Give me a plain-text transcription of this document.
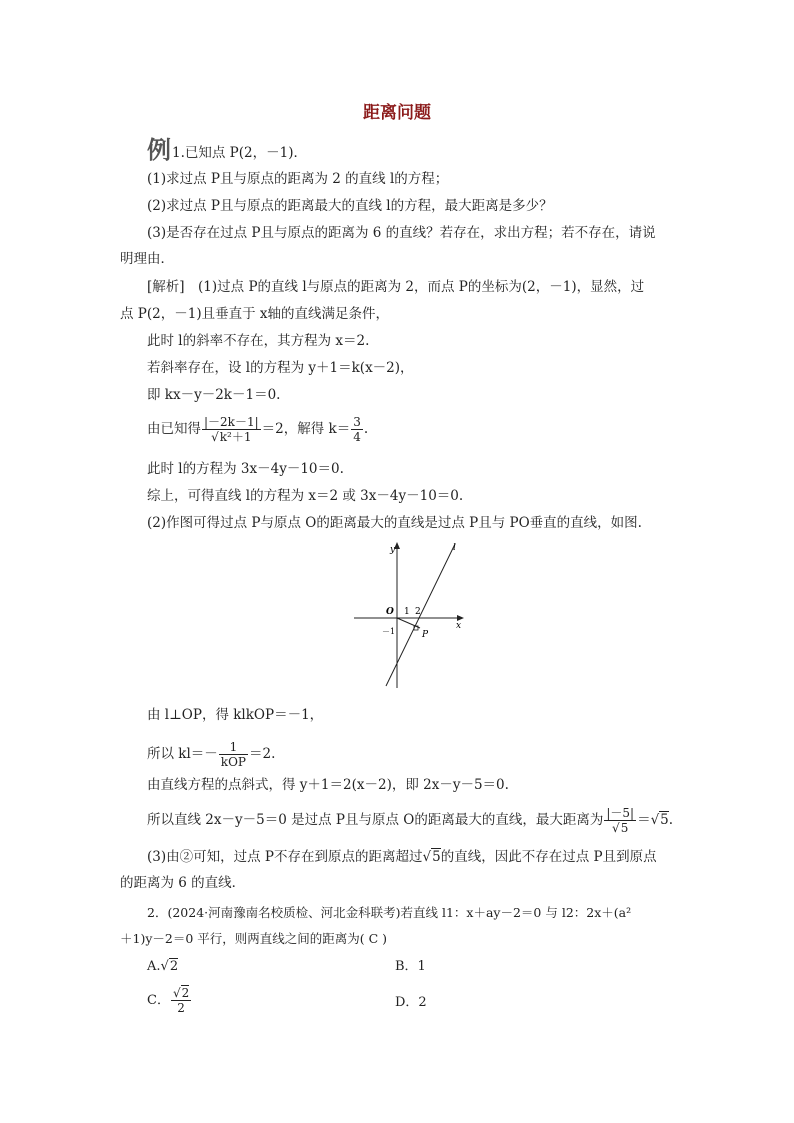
距离问题
例 1.已知点 P(2，－1)．
(1)求过点 P且与原点的距离为 2 的直线 l的方程；
(2)求过点 P且与原点的距离最大的直线 l的方程，最大距离是多少？
(3)是否存在过点 P且与原点的距离为 6 的直线？若存在，求出方程；若不存在，请说
明理由．
[解析]　(1)过点 P的直线 l与原点的距离为 2，而点 P的坐标为(2，－1)，显然，过
点 P(2，－1)且垂直于 x轴的直线满足条件，
此时 l的斜率不存在，其方程为 x＝2.
若斜率存在，设 l的方程为 y＋1＝k(x－2)，
即 kx－y－2k－1＝0.
由已知得 $\frac{|-2k-1|}{\text{√k²＋1}} =2$，解得 $k= \frac{3}{4}$ .
此时 l的方程为 3x－4y－10＝0.
综上，可得直线 l的方程为 x＝2 或 3x－4y－10＝0.
(2)作图可得过点 P与原点 O的距离最大的直线是过点 P且与 PO垂直的直线，如图.
y
x
l
O 1 2
－1	P
由 l⊥OP，得 klkOP＝－1，
所以 $kl=- \frac{1}{\text{kOP}} =2$.
由直线方程的点斜式，得 y＋1＝2(x－2)，即 2x－y－5＝0.
所以直线 2x－y－5＝0 是过点 P且与原点 O的距离最大的直线，最大距离为 $\frac{|-5|}{√5} =√5$.
(3)由②可知，过点 P不存在到原点的距离超过√5的直线，因此不存在过点 P且到原点
的距离为 6 的直线．
2．(2024·河南豫南名校质检、河北金科联考)若直线 l1：x＋ay－2＝0 与 l2：2x＋(a²
＋1)y－2＝0 平行，则两直线之间的距离为( C )
A.√2	B．1
C． $\frac{√2}{2}$	D．2
